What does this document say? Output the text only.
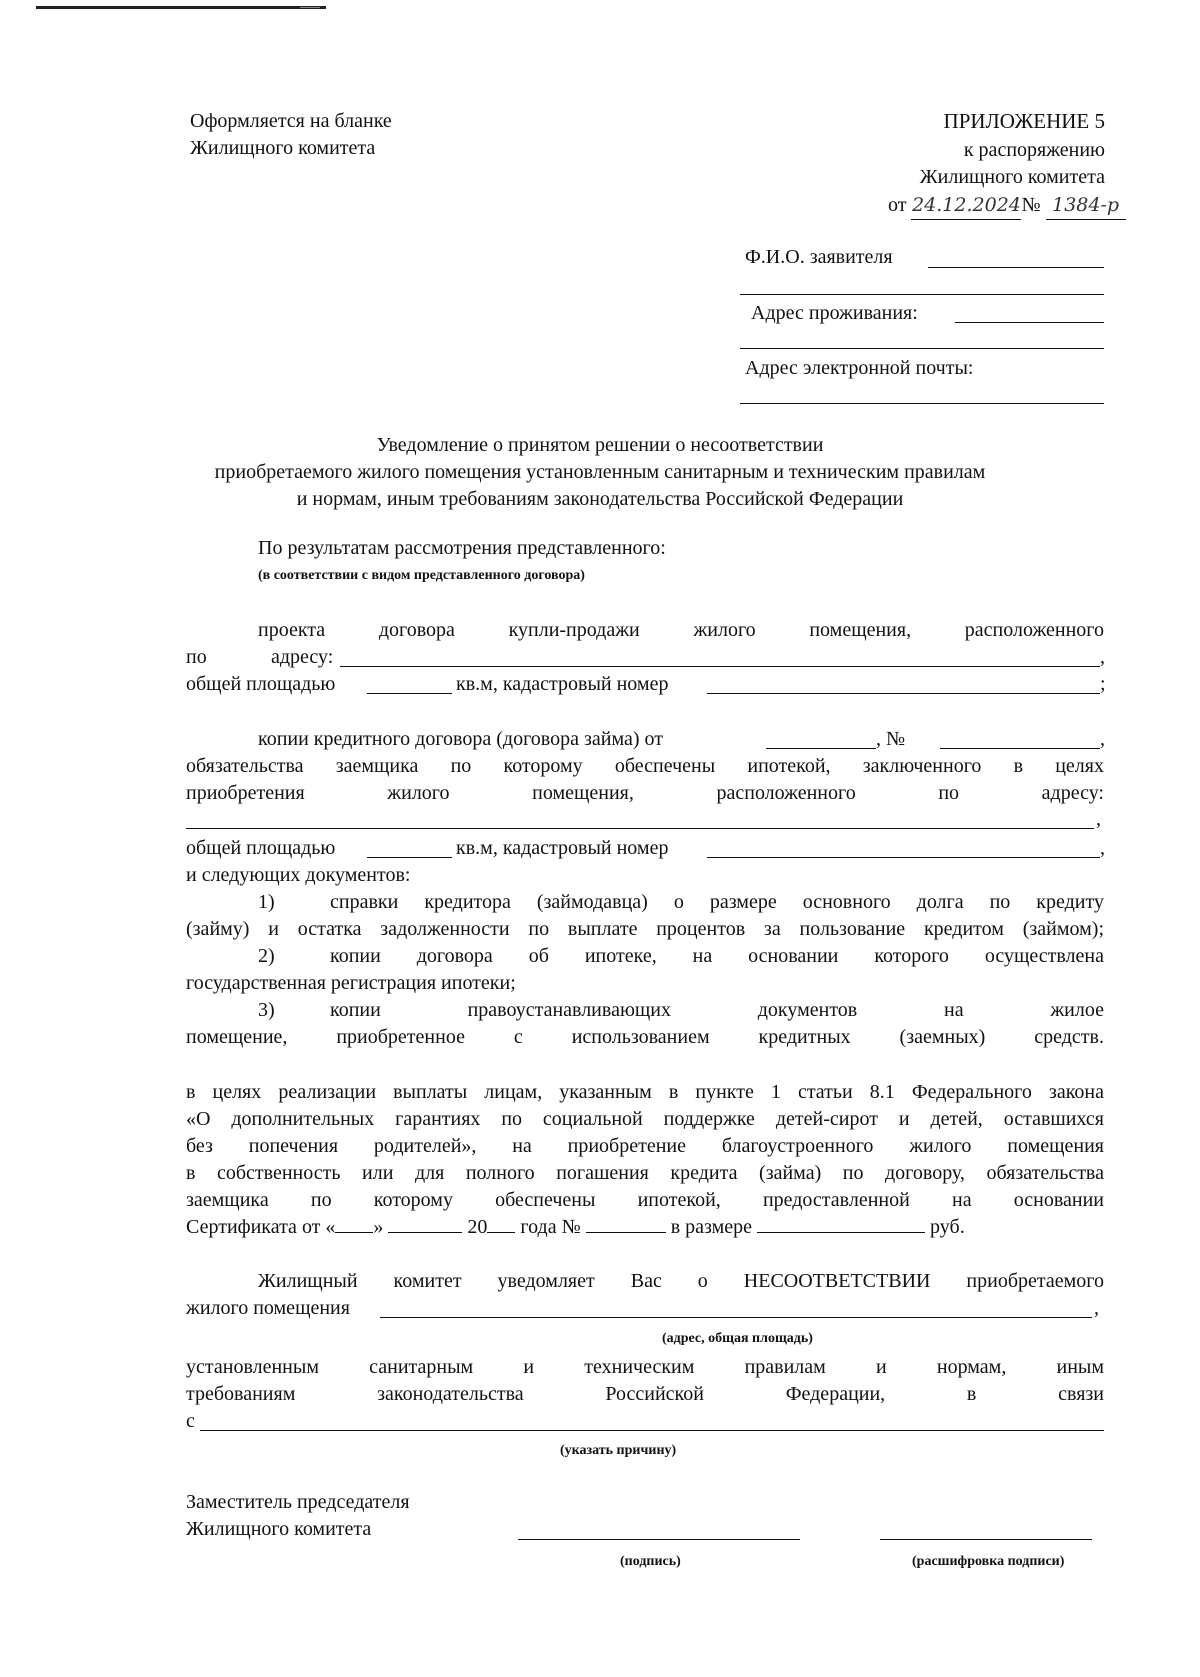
Оформляется на бланке
Жилищного комитета
ПРИЛОЖЕНИЕ 5
к распоряжению
Жилищного комитета
от 24.12.2024№ 1384-р
Ф.И.О. заявителя
Адрес проживания:
Адрес электронной почты:
Уведомление о принятом решении о несоответствии
приобретаемого жилого помещения установленным санитарным и техническим правилам
и нормам, иным требованиям законодательства Российской Федерации
По результатам рассмотрения представленного:
(в соответствии с видом представленного договора)
проекта договора купли-продажи жилого помещения, расположенного
по	адресу:	,
общей площадью	кв.м, кадастровый номер	;
копии кредитного договора (договора займа) от	, №	,
обязательства заемщика по которому обеспечены ипотекой, заключенного в целях
приобретения жилого помещения, расположенного по адресу:
,
общей площадью	кв.м, кадастровый номер	,
и следующих документов:
1)	справки кредитора (займодавца) о размере основного долга по кредиту
(займу) и остатка задолженности по выплате процентов за пользование кредитом (займом);
2)	копии договора об ипотеке, на основании которого осуществлена
государственная регистрация ипотеки;
3)	копии правоустанавливающих документов на жилое
помещение, приобретенное с использованием кредитных (заемных) средств.
в целях реализации выплаты лицам, указанным в пункте 1 статьи 8.1 Федерального закона
«О дополнительных гарантиях по социальной поддержке детей-сирот и детей, оставшихся
без попечения родителей», на приобретение благоустроенного жилого помещения
в собственность или для полного погашения кредита (займа) по договору, обязательства
заемщика по которому обеспечены ипотекой, предоставленной на основании
Сертификата от « »	20 года №	в размере	руб.
Жилищный комитет уведомляет Вас о НЕСООТВЕТСТВИИ приобретаемого
жилого помещения	,
(адрес, общая площадь)
установленным санитарным и техническим правилам и нормам, иным
требованиям законодательства Российской Федерации, в связи
с
(указать причину)
Заместитель председателя
Жилищного комитета
(подпись)	(расшифровка подписи)
